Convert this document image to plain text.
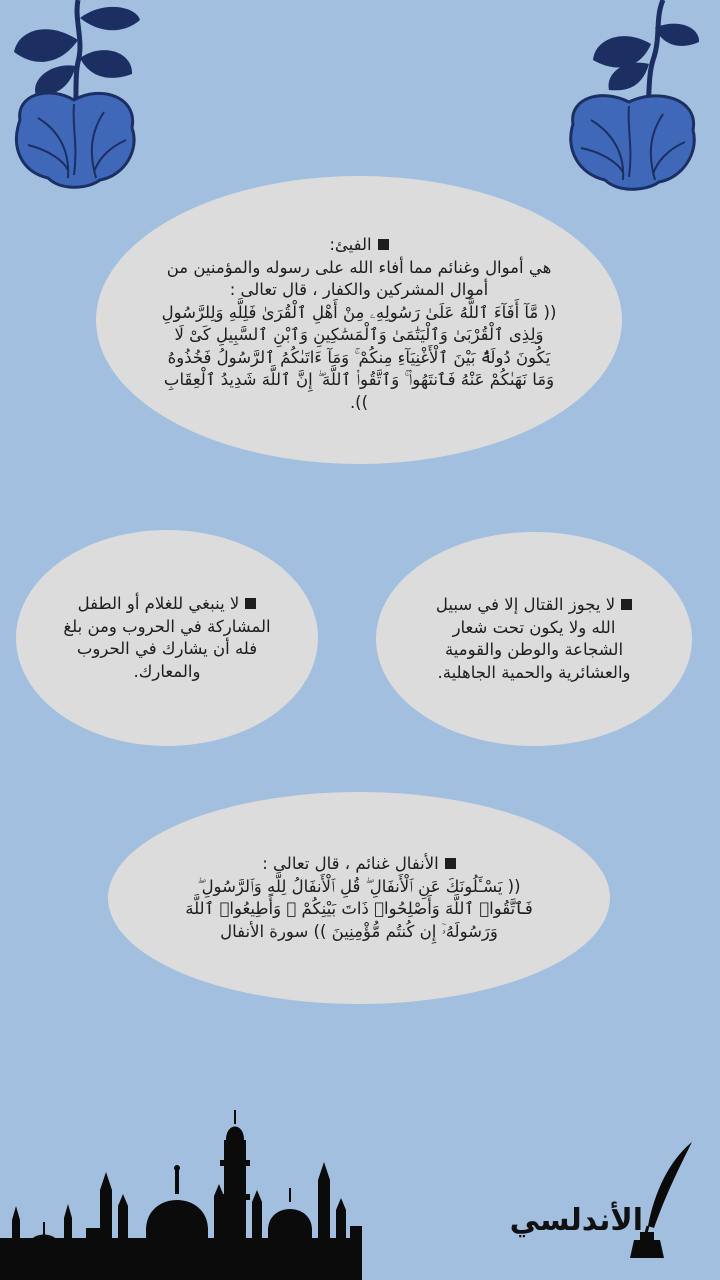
الفيئ:
هي أموال وغنائم مما أفاء الله على رسوله والمؤمنين من
أموال المشركين والكفار ، قال تعالى :
(( مَّآ أَفَآءَ ٱللَّهُ عَلَىٰ رَسُولِهِۦ مِنْ أَهْلِ ٱلْقُرَىٰ فَلِلَّهِ وَلِلرَّسُولِ
وَلِذِى ٱلْقُرْبَىٰ وَٱلْيَتَٰمَىٰ وَٱلْمَسَٰكِينِ وَٱبْنِ ٱلسَّبِيلِ كَىْ لَا
يَكُونَ دُولَةًۢ بَيْنَ ٱلْأَغْنِيَآءِ مِنكُمْ ۚ وَمَآ ءَاتَىٰكُمُ ٱلرَّسُولُ فَخُذُوهُ
وَمَا نَهَىٰكُمْ عَنْهُ فَٱنتَهُوا۟ ۚ وَٱتَّقُوا۟ ٱللَّهَ ۖ إِنَّ ٱللَّهَ شَدِيدُ ٱلْعِقَابِ
)).
لا ينبغي للغلام أو الطفل
المشاركة في الحروب ومن بلغ
فله أن يشارك في الحروب
والمعارك.
لا يجوز القتال إلا في سبيل
الله ولا يكون تحت شعار
الشجاعة والوطن والقومية
والعشائرية والحمية الجاهلية.
الأنفال غنائم ، قال تعالى :
(( يَسْـَٔلُونَكَ عَنِ ٱلْأَنفَالِ ۖ قُلِ ٱلْأَنفَالُ لِلَّهِ وَٱلرَّسُولِ ۖ
فَٱتَّقُوا۟ ٱللَّهَ وَأَصْلِحُوا۟ ذَاتَ بَيْنِكُمْ ۖ وَأَطِيعُوا۟ ٱللَّهَ
وَرَسُولَهُۥٓ إِن كُنتُم مُّؤْمِنِينَ )) سورة الأنفال
الأندلسي
